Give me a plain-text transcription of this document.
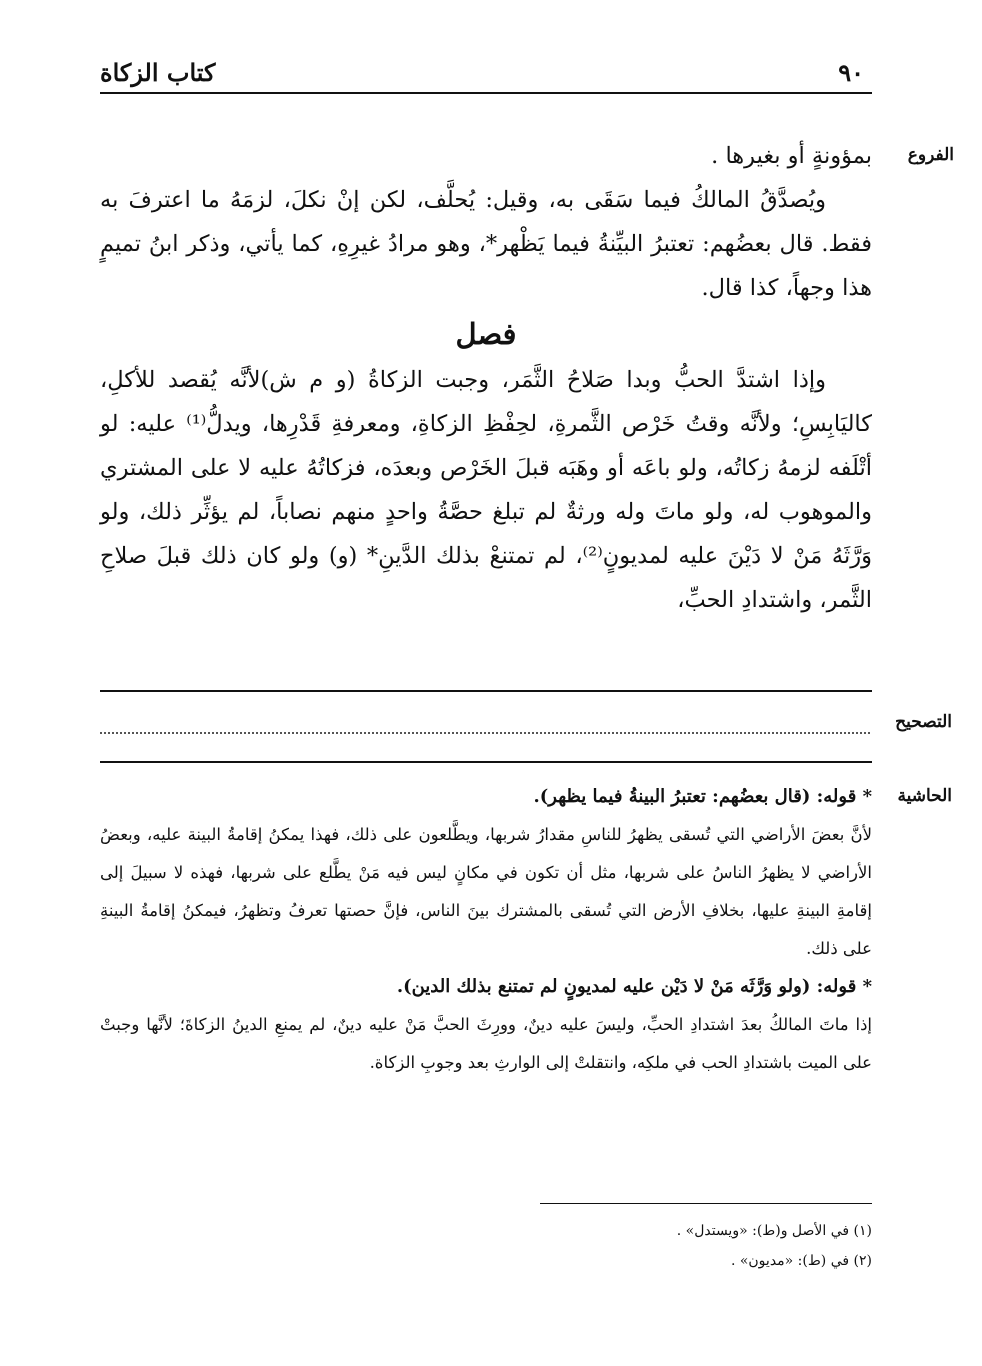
٩٠
كتاب الزكاة
الفروع
التصحيح
الحاشية

بمؤونةٍ أو بغيرها .

ويُصدَّقُ المالكُ فيما سَقَى به، وقيل: يُحلَّف، لكن إنْ نكلَ، لزمَهُ ما اعترفَ به فقط. قال بعضُهم: تعتبرُ البيِّنةُ فيما يَظْهر*، وهو مرادُ غيرِهِ، كما يأتي، وذكر ابنُ تميمٍ هذا وجهاً، كذا قال.

فصل

وإذا اشتدَّ الحبُّ وبدا صَلاحُ الثَّمَر، وجبت الزكاةُ (و م ش)لأنَّه يُقصد للأكلِ، كاليَابِسِ؛ ولأنَّه وقتُ خَرْص الثَّمرةِ، لحِفْظِ الزكاةِ، ومعرفةِ قَدْرِها، ويدلُّ⁽¹⁾ عليه: لو أتْلَفه لزمهُ زكاتُه، ولو باعَه أو وهَبَه قبلَ الخَرْص وبعدَه، فزكاتُهُ عليه لا على المشتري والموهوب له، ولو ماتَ وله ورثةٌ لم تبلغ حصَّةُ واحدٍ منهم نصاباً، لم يؤثِّر ذلك، ولو وَرَّثَهُ مَنْ لا دَيْنَ عليه لمديونٍ⁽²⁾، لم تمتنعْ بذلك الدَّينِ* (و) ولو كان ذلك قبلَ صلاحِ الثَّمر، واشتدادِ الحبِّ،

* قوله: (قال بعضُهم: تعتبرُ البينةُ فيما يظهر).

لأنَّ بعضَ الأراضي التي تُسقى يظهرُ للناسِ مقدارُ شربها، ويطَّلعون على ذلك، فهذا يمكنُ إقامةُ البينة عليه، وبعضُ الأراضي لا يظهرُ الناسُ على شربها، مثل أن تكون في مكانٍ ليس فيه مَنْ يطَّلع على شربها، فهذه لا سبيلَ إلى إقامةِ البينةِ عليها، بخلافِ الأرض التي تُسقى بالمشترك بينَ الناس، فإنَّ حصتها تعرفُ وتظهرُ، فيمكنُ إقامةُ البينةِ على ذلك.

* قوله: (ولو وَرَّثَه مَنْ لا دَيْن عليه لمديونٍ لم تمتنع بذلك الدين).

إذا ماتَ المالكُ بعدَ اشتدادِ الحبِّ، وليسَ عليه دينٌ، وورِثَ الحبَّ مَنْ عليه دينٌ، لم يمنعِ الدينُ الزكاةَ؛ لأنَّها وجبتْ على الميت باشتدادِ الحب في ملكِه، وانتقلتْ إلى الوارثِ بعد وجوبِ الزكاة.

(١) في الأصل و(ط): «ويستدل» .

(٢) في (ط): «مديون» .
